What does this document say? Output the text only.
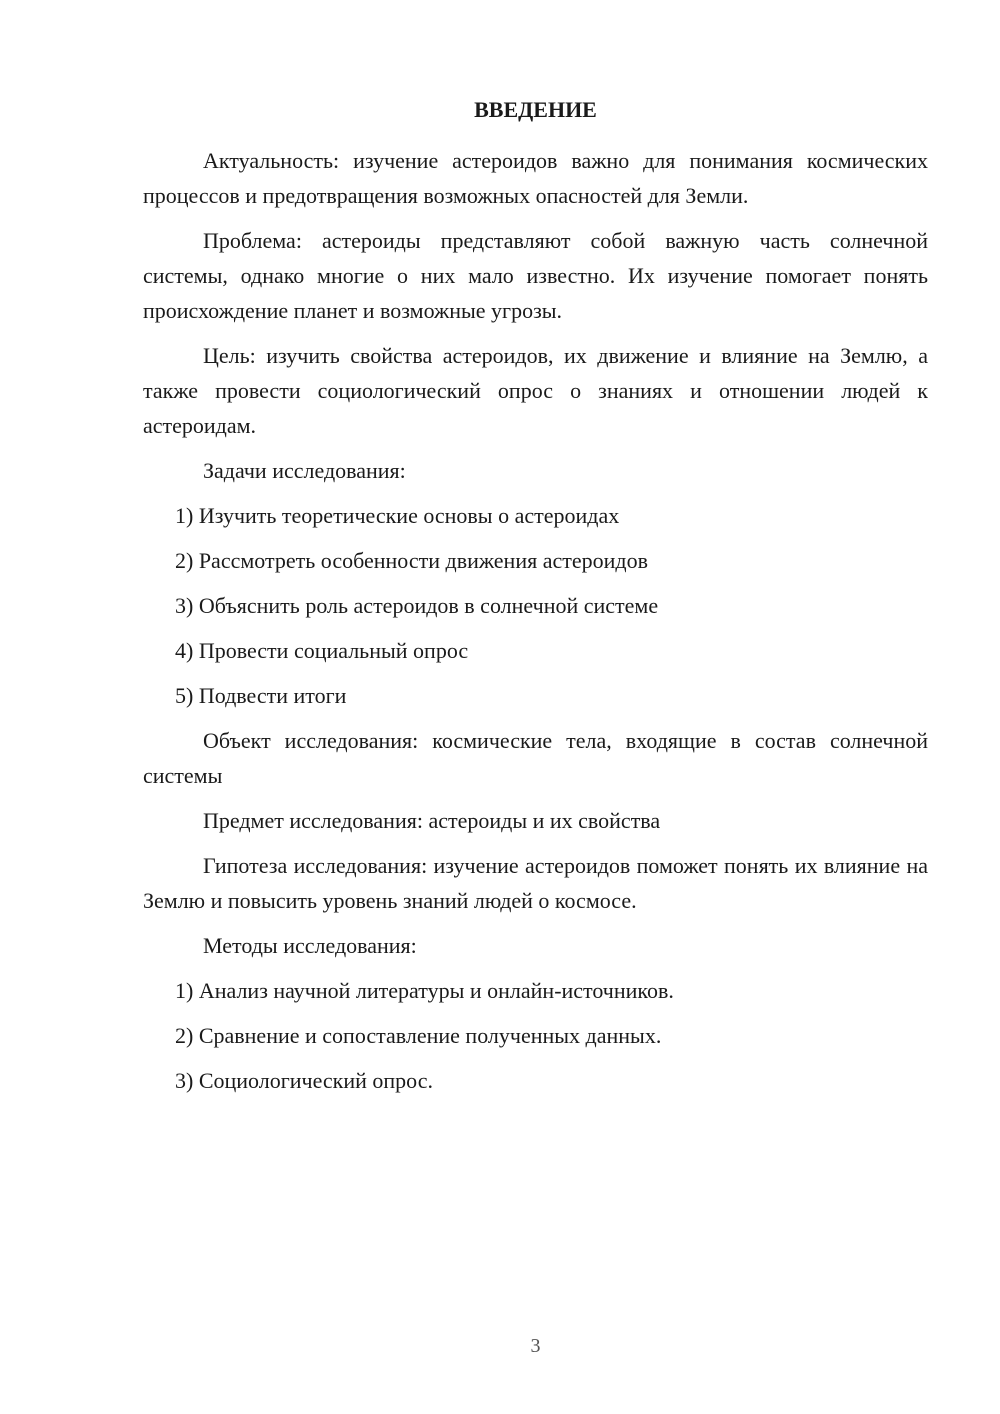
ВВЕДЕНИЕ

Актуальность: изучение астероидов важно для понимания космических процессов и предотвращения возможных опасностей для Земли.

Проблема: астероиды представляют собой важную часть солнечной системы, однако многие о них мало известно. Их изучение помогает понять происхождение планет и возможные угрозы.

Цель: изучить свойства астероидов, их движение и влияние на Землю, а также провести социологический опрос о знаниях и отношении людей к астероидам.

Задачи исследования:

1) Изучить теоретические основы о астероидах

2) Рассмотреть особенности движения астероидов

3) Объяснить роль астероидов в солнечной системе

4) Провести социальный опрос

5) Подвести итоги

Объект исследования: космические тела, входящие в состав солнечной системы

Предмет исследования: астероиды и их свойства

Гипотеза исследования: изучение астероидов поможет понять их влияние на Землю и повысить уровень знаний людей о космосе.

Методы исследования:

1) Анализ научной литературы и онлайн-источников.

2) Сравнение и сопоставление полученных данных.

3) Социологический опрос.

3
